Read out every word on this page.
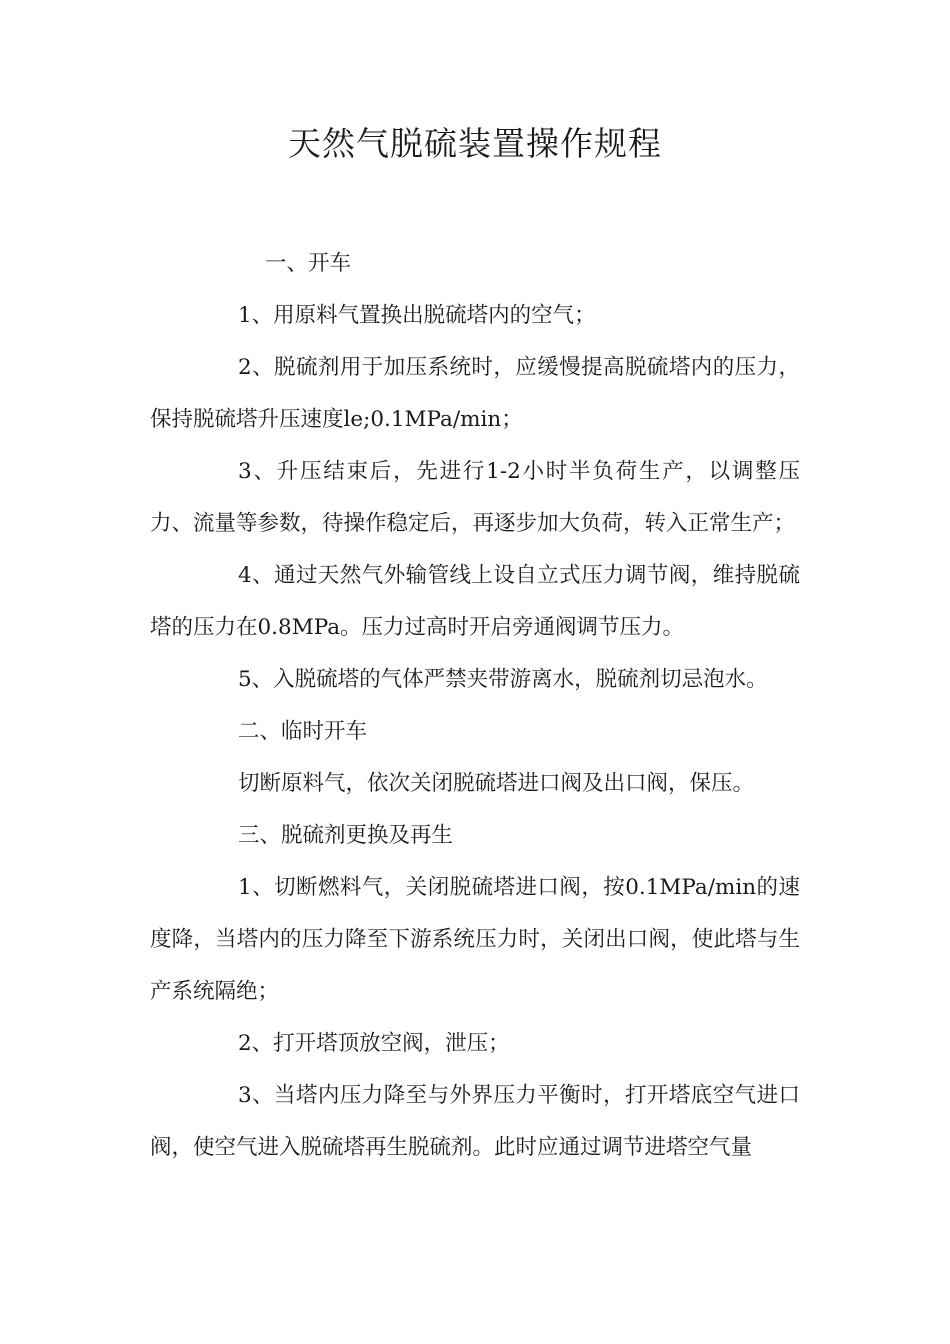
天然气脱硫装置操作规程

一、开车

1、用原料气置换出脱硫塔内的空气；

2、脱硫剂用于加压系统时，应缓慢提高脱硫塔内的压力，保持脱硫塔升压速度le;0.1MPa/min；

3、升压结束后，先进行1-2小时半负荷生产，以调整压力、流量等参数，待操作稳定后，再逐步加大负荷，转入正常生产；

4、通过天然气外输管线上设自立式压力调节阀，维持脱硫塔的压力在0.8MPa。压力过高时开启旁通阀调节压力。

5、入脱硫塔的气体严禁夹带游离水，脱硫剂切忌泡水。

二、临时开车

切断原料气，依次关闭脱硫塔进口阀及出口阀，保压。

三、脱硫剂更换及再生

1、切断燃料气，关闭脱硫塔进口阀，按0.1MPa/min的速度降，当塔内的压力降至下游系统压力时，关闭出口阀，使此塔与生产系统隔绝；

2、打开塔顶放空阀，泄压；

3、当塔内压力降至与外界压力平衡时，打开塔底空气进口阀，使空气进入脱硫塔再生脱硫剂。此时应通过调节进塔空气量
